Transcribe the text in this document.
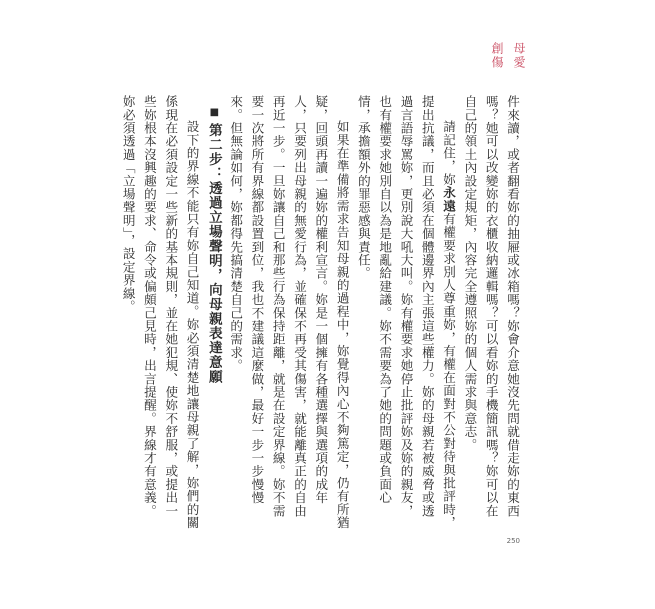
母愛
創傷

件來讀，或者翻看妳的抽屜或冰箱嗎？妳會介意她沒先問就借走妳的東西嗎？她可以改變妳的衣櫃收納邏輯嗎？可以看妳的手機簡訊嗎？妳可以在自己的領土內設定規矩，內容完全遵照妳的個人需求與意志。

請記住，妳永遠有權要求別人尊重妳，有權在面對不公對待與批評時，提出抗議，而且必須在個體邊界內主張這些權力。妳的母親若被威脅或透過言語辱罵妳，更別說大吼大叫。妳有權要求她停止批評妳及妳的親友，也有權要求她別自以為是地亂給建議。妳不需要為了她的問題或負面心情，承擔額外的罪惡感與責任。

如果在準備將需求告知母親的過程中，妳覺得內心不夠篤定，仍有所猶疑，回頭再讀一遍妳的權利宣言。妳是一個擁有各種選擇與選項的成年人，只要列出母親的無愛行為，並確保不再受其傷害，就能離真正的自由再近一步。一旦妳讓自己和那些行為保持距離，就是在設定界線。妳不需要一次將所有界線都設置到位，我也不建議這麼做，最好一步一步慢慢來。但無論如何，妳都得先搞清楚自己的需求。

■第二步：透過立場聲明，向母親表達意願

設下的界線不能只有妳自己知道。妳必須清楚地讓母親了解，妳們的關係現在必須設定一些新的基本規則，並在她犯規、使妳不舒服，或提出一些妳根本沒興趣的要求、命令或偏頗己見時，出言提醒。界線才有意義。妳必須透過「立場聲明」，設定界線。

250
